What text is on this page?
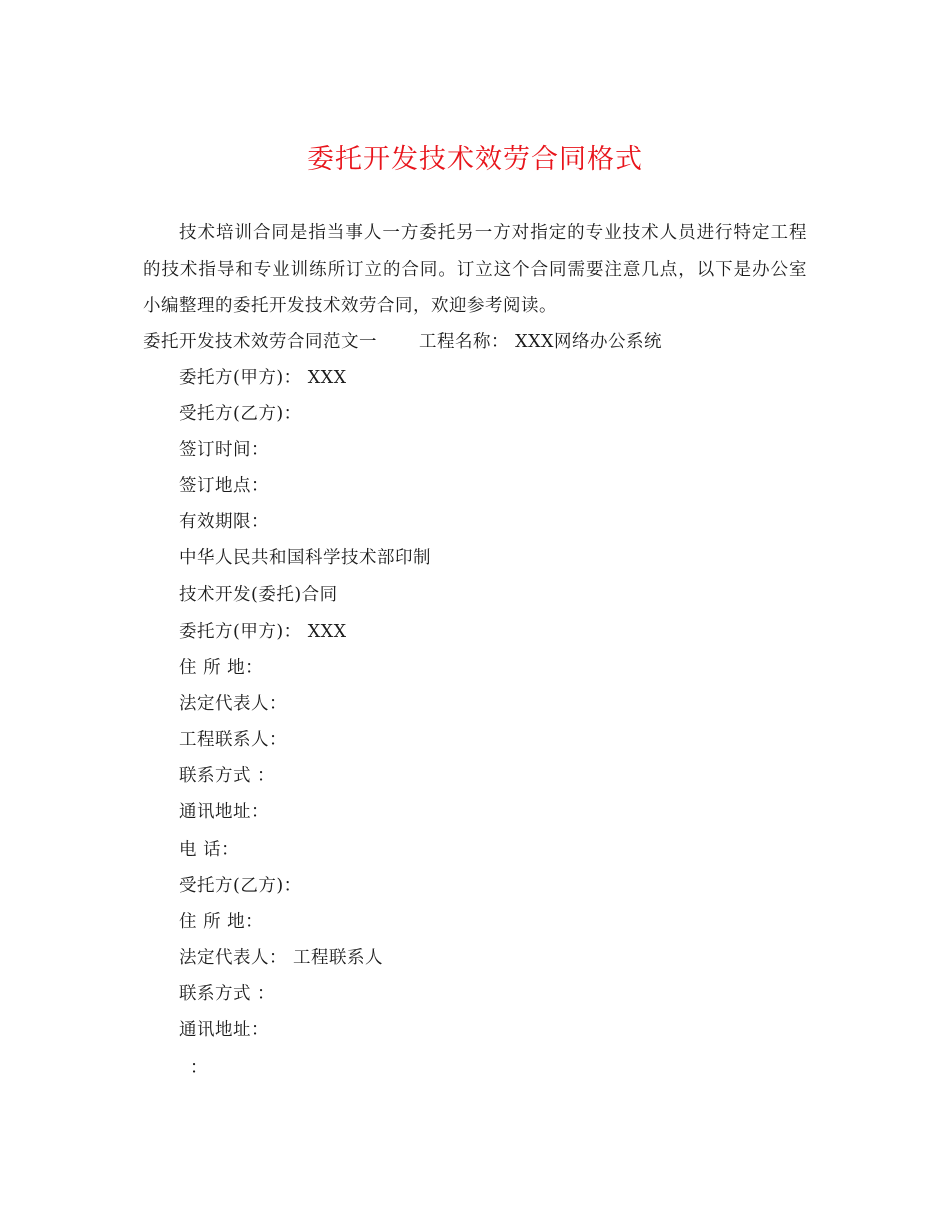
委托开发技术效劳合同格式
技术培训合同是指当事人一方委托另一方对指定的专业技术人员进行特定工程的技术指导和专业训练所订立的合同。订立这个合同需要注意几点，以下是办公室小编整理的委托开发技术效劳合同，欢迎参考阅读。
委托开发技术效劳合同范文一　　 工程名称： XXX网络办公系统
委托方(甲方)： XXX
受托方(乙方)：
签订时间：
签订地点：
有效期限：
中华人民共和国科学技术部印制
技术开发(委托)合同
委托方(甲方)： XXX
住 所 地：
法定代表人：
工程联系人：
联系方式 ：
通讯地址：
电 话：
受托方(乙方)：
住 所 地：
法定代表人： 工程联系人
联系方式 ：
通讯地址：
：
